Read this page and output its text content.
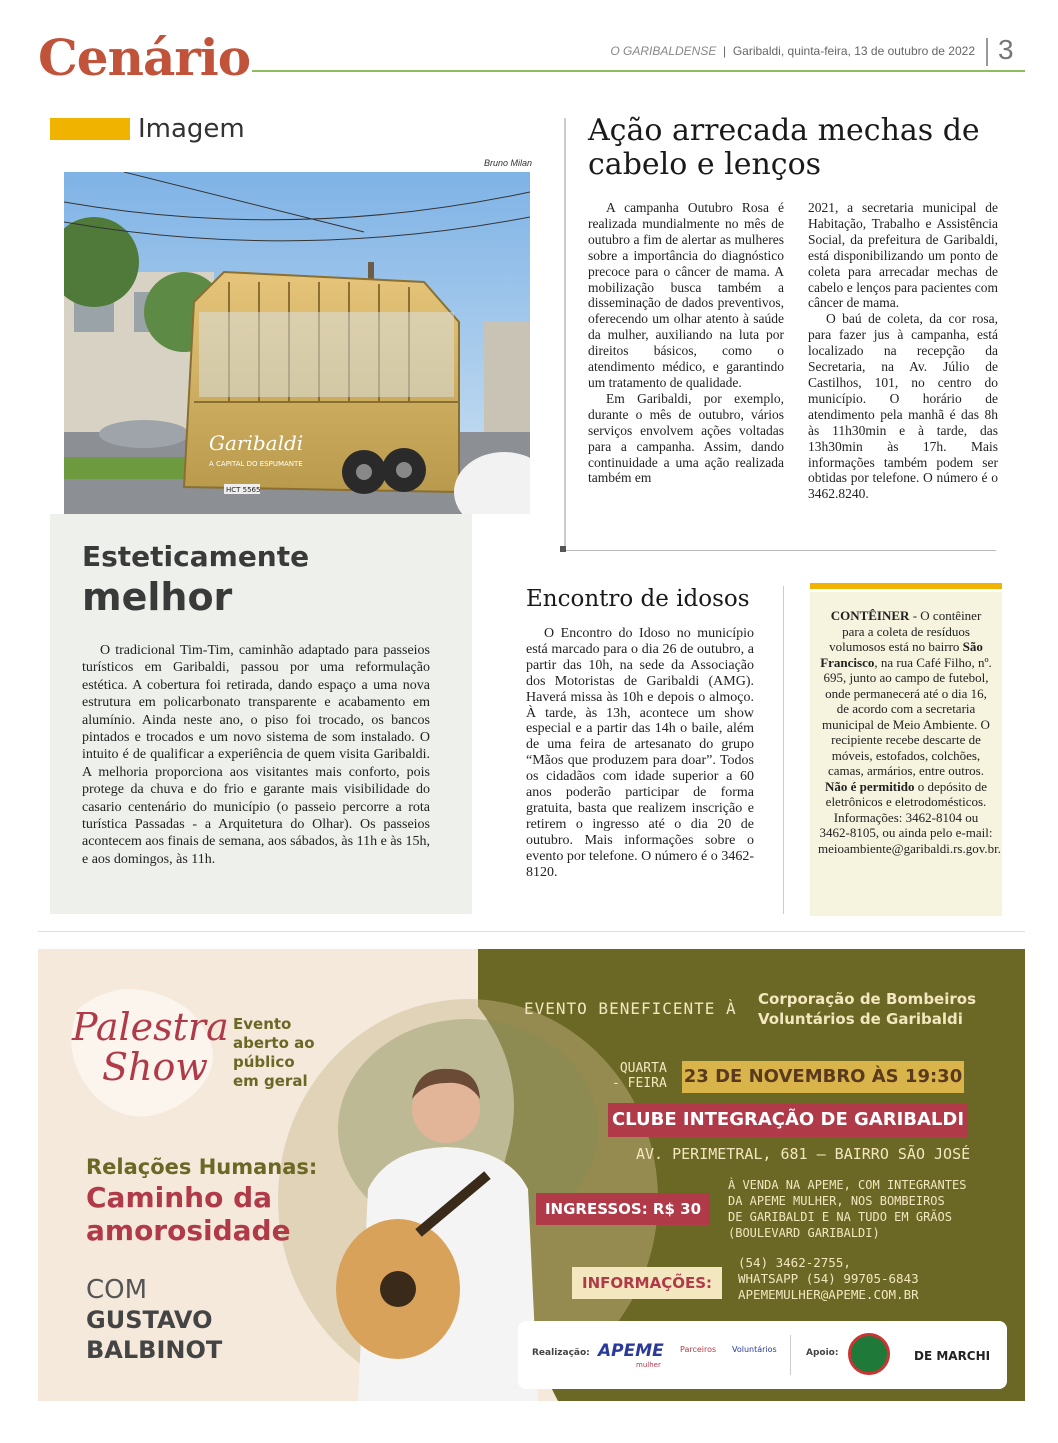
Cenário	O GARIBALDENSE  |  Garibaldi, quinta-feira, 13 de outubro de 2022 3
Imagem
Bruno Milan
Garibaldi
A CAPITAL DO ESPUMANTE
HCT 5565
Esteticamente
melhor

O tradicional Tim-Tim, caminhão adaptado para passeios turísticos em Garibaldi, passou por uma reformulação estética. A cobertura foi retirada, dando espaço a uma nova estrutura em policarbonato transparente e acabamento em alumínio. Ainda neste ano, o piso foi trocado, os bancos pintados e trocados e um novo sistema de som instalado. O intuito é de qualificar a experiência de quem visita Garibaldi. A melhoria proporciona aos visitantes mais conforto, pois protege da chuva e do frio e garante mais visibilidade do casario centenário do município (o passeio percorre a rota turística Passadas - a Arquitetura do Olhar). Os passeios acontecem aos finais de semana, aos sábados, às 11h e às 15h, e aos domingos, às 11h.

Ação arrecada mechas de cabelo e lenços

A campanha Outubro Rosa é realizada mundialmente no mês de outubro a fim de alertar as mulheres sobre a importância do diagnóstico precoce para o câncer de mama. A mobilização busca também a disseminação de dados preventivos, oferecendo um olhar atento à saúde da mulher, auxiliando na luta por direitos básicos, como o atendimento médico, e garantindo um tratamento de qualidade.

Em Garibaldi, por exemplo, durante o mês de outubro, vários serviços envolvem ações voltadas para a campanha. Assim, dando continuidade a uma ação realizada também em

2021, a secretaria municipal de Habitação, Trabalho e Assistência Social, da prefeitura de Garibaldi, está disponibilizando um ponto de coleta para arrecadar mechas de cabelo e lenços para pacientes com câncer de mama.

O baú de coleta, da cor rosa, para fazer jus à campanha, está localizado na recepção da Secretaria, na Av. Júlio de Castilhos, 101, no centro do município. O horário de atendimento pela manhã é das 8h às 11h30min e à tarde, das 13h30min às 17h. Mais informações também podem ser obtidas por telefone. O número é o 3462.8240.

Encontro de idosos

O Encontro do Idoso no município está marcado para o dia 26 de outubro, a partir das 10h, na sede da Associação dos Motoristas de Garibaldi (AMG). Haverá missa às 10h e depois o almoço. À tarde, às 13h, acontece um show especial e a partir das 14h o baile, além de uma feira de artesanato do grupo “Mãos que produzem para doar”. Todos os cidadãos com idade superior a 60 anos poderão participar de forma gratuita, basta que realizem inscrição e retirem o ingresso até o dia 20 de outubro. Mais informações sobre o evento por telefone. O número é o 3462-8120.

CONTÊINER - O contêiner para a coleta de resíduos volumosos está no bairro São Francisco, na rua Café Filho, nº. 695, junto ao campo de futebol, onde permanecerá até o dia 16, de acordo com a secretaria municipal de Meio Ambiente. O recipiente recebe descarte de móveis, estofados, colchões, camas, armários, entre outros. Não é permitido o depósito de eletrônicos e eletrodomésticos. Informações: 3462-8104 ou 3462-8105, ou ainda pelo e-mail: meioambiente@garibaldi.rs.gov.br.
Palestra
Show
Evento
aberto ao
público
em geral
Relações Humanas:
Caminho da
amorosidade
COM
GUSTAVO
BALBINOT
EVENTO BENEFICENTE À Corporação de Bombeiros
Voluntários de Garibaldi
QUARTA
- FEIRA 23 DE NOVEMBRO ÀS 19:30
CLUBE INTEGRAÇÃO DE GARIBALDI
AV. PERIMETRAL, 681 – BAIRRO SÃO JOSÉ
INGRESSOS: R$ 30
À VENDA NA APEME, COM INTEGRANTES
DA APEME MULHER, NOS BOMBEIROS
DE GARIBALDI E NA TUDO EM GRÃOS
(BOULEVARD GARIBALDI)
INFORMAÇÕES:
(54) 3462-2755,
WHATSAPP (54) 99705-6843
APEMEMULHER@APEME.COM.BR
Realização: APEME
mulher
Parceiros Voluntários	Apoio:	DE MARCHI
